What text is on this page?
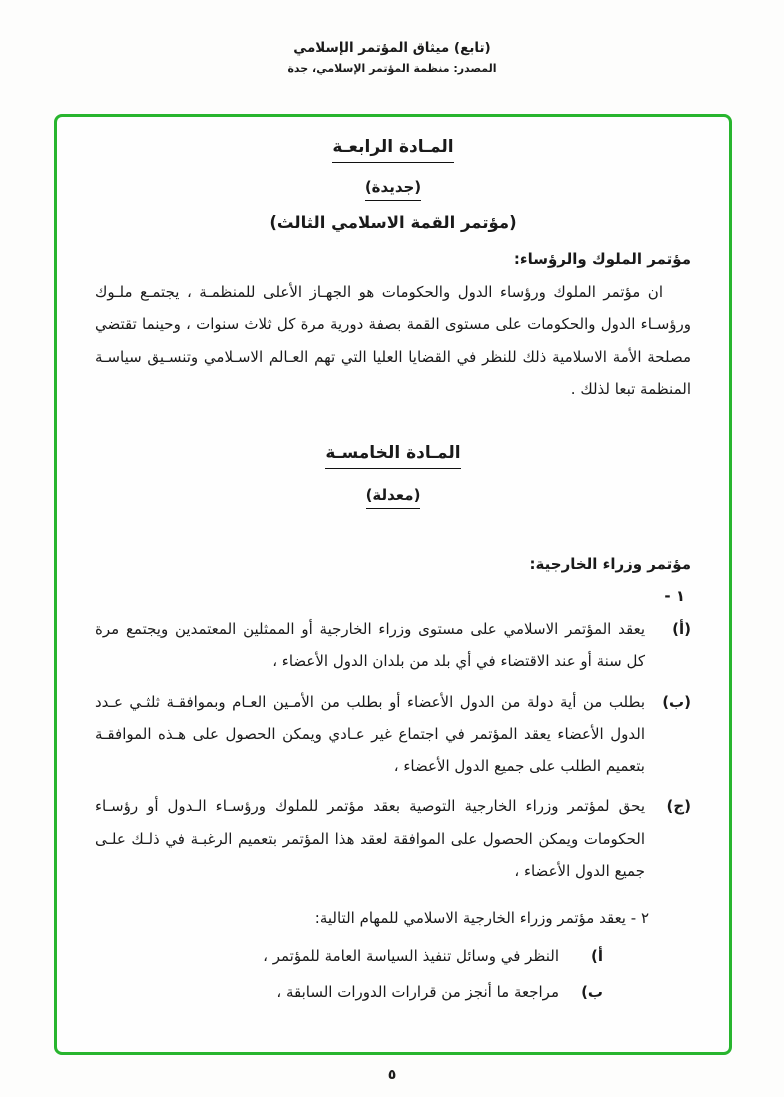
(تابع) ميثاق المؤتمر الإسلامي
المصدر: منظمة المؤتمر الإسلامي، جدة
المـادة الرابعـة
(جديدة)
(مؤتمر القمة الاسلامي الثالث)
مؤتمر الملوك والرؤساء:
ان مؤتمر الملوك ورؤساء الدول والحكومات هو الجهـاز الأعلى للمنظمـة ، يجتمـع ملـوك ورؤسـاء الدول والحكومات على مستوى القمة بصفة دورية مرة كل ثلاث سنوات ، وحينما تقتضي مصلحة الأمة الاسلامية ذلك للنظر في القضايا العليا التي تهم العـالم الاسـلامي وتنسـيق سياسـة المنظمة تبعا لذلك .
المـادة الخامسـة
(معدلة)
مؤتمر وزراء الخارجية:
١ -
(أ)
يعقد المؤتمر الاسلامي على مستوى وزراء الخارجية أو الممثلين المعتمدين ويجتمع مرة كل سنة أو عند الاقتضاء في أي بلد من بلدان الدول الأعضاء ،
(ب)
بطلب من أية دولة من الدول الأعضاء أو بطلب من الأمـين العـام وبموافقـة ثلثـي عـدد الدول الأعضاء يعقد المؤتمر في اجتماع غير عـادي ويمكن الحصول على هـذه الموافقـة بتعميم الطلب على جميع الدول الأعضاء ،
(ج)
يحق لمؤتمر وزراء الخارجية التوصية بعقد مؤتمر للملوك ورؤسـاء الـدول أو رؤسـاء الحكومات ويمكن الحصول على الموافقة لعقد هذا المؤتمر بتعميم الرغبـة في ذلـك علـى جميع الدول الأعضاء ،
٢ - يعقد مؤتمر وزراء الخارجية الاسلامي للمهام التالية:
أ)
النظر في وسائل تنفيذ السياسة العامة للمؤتمر ،
ب)
مراجعة ما أنجز من قرارات الدورات السابقة ،
٥
